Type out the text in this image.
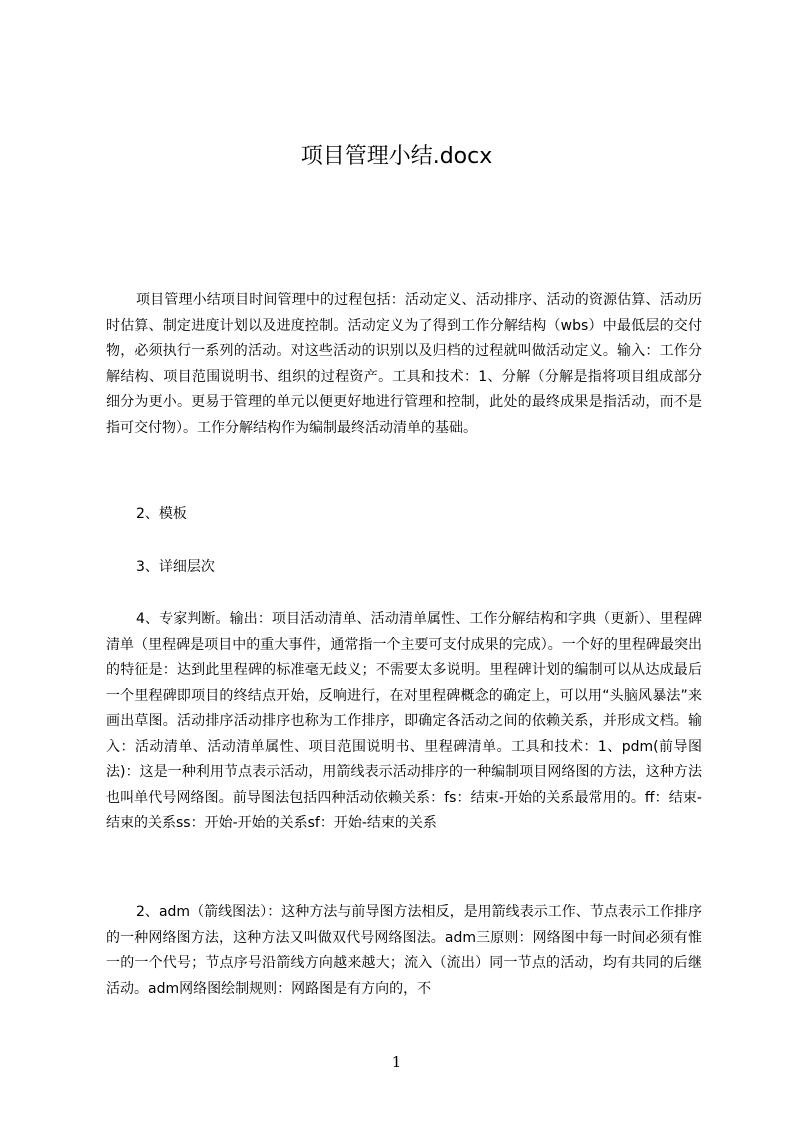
项目管理小结.docx

项目管理小结项目时间管理中的过程包括：活动定义、活动排序、活动的资源估算、活动历时估算、制定进度计划以及进度控制。活动定义为了得到工作分解结构（wbs）中最低层的交付物，必须执行一系列的活动。对这些活动的识别以及归档的过程就叫做活动定义。输入：工作分解结构、项目范围说明书、组织的过程资产。工具和技术：1、分解（分解是指将项目组成部分细分为更小。更易于管理的单元以便更好地进行管理和控制，此处的最终成果是指活动，而不是指可交付物）。工作分解结构作为编制最终活动清单的基础。

2、模板

3、详细层次

4、专家判断。输出：项目活动清单、活动清单属性、工作分解结构和字典（更新）、里程碑清单（里程碑是项目中的重大事件，通常指一个主要可支付成果的完成）。一个好的里程碑最突出的特征是：达到此里程碑的标准毫无歧义；不需要太多说明。里程碑计划的编制可以从达成最后一个里程碑即项目的终结点开始，反响进行，在对里程碑概念的确定上，可以用“头脑风暴法”来画出草图。活动排序活动排序也称为工作排序，即确定各活动之间的依赖关系，并形成文档。输入：活动清单、活动清单属性、项目范围说明书、里程碑清单。工具和技术：1、pdm(前导图法)：这是一种利用节点表示活动，用箭线表示活动排序的一种编制项目网络图的方法，这种方法也叫单代号网络图。前导图法包括四种活动依赖关系：fs：结束-开始的关系最常用的。ff：结束-结束的关系ss：开始-开始的关系sf：开始-结束的关系

2、adm（箭线图法）：这种方法与前导图方法相反，是用箭线表示工作、节点表示工作排序的一种网络图方法，这种方法又叫做双代号网络图法。adm三原则：网络图中每一时间必须有惟一的一个代号；节点序号沿箭线方向越来越大；流入（流出）同一节点的活动，均有共同的后继活动。adm网络图绘制规则：网路图是有方向的，不

1
